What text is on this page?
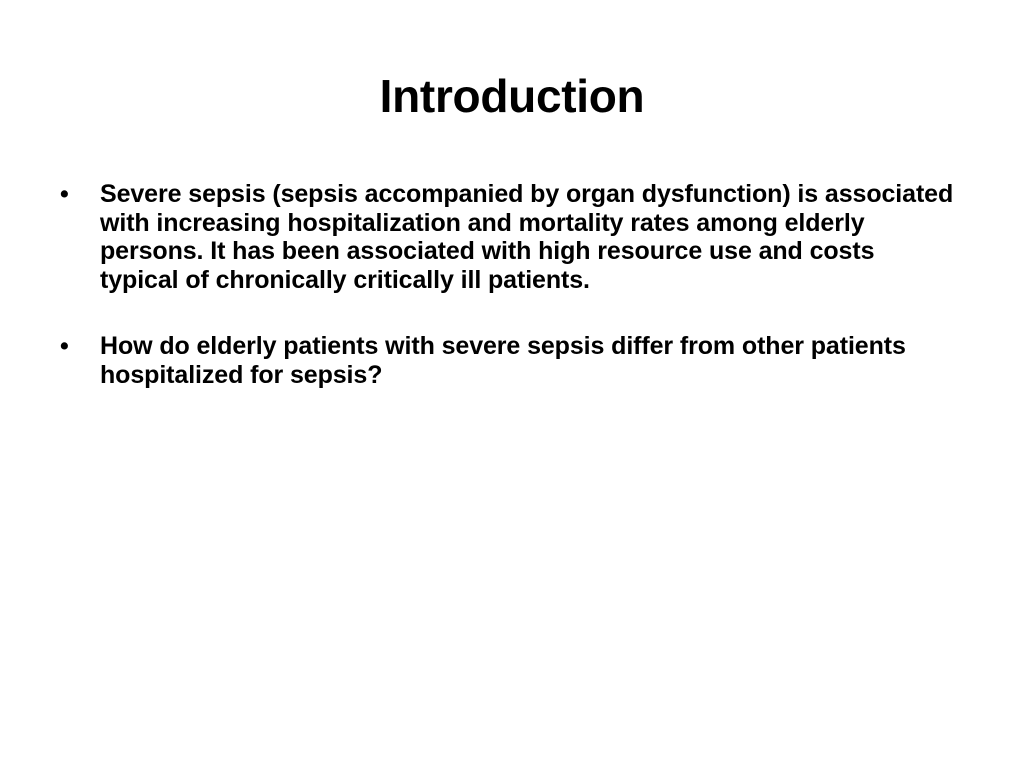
Introduction
• Severe sepsis (sepsis accompanied by organ dysfunction) is associated with increasing hospitalization and mortality rates among elderly persons. It has been associated with high resource use and costs typical of chronically critically ill patients.
• How do elderly patients with severe sepsis differ from other patients hospitalized for sepsis?
